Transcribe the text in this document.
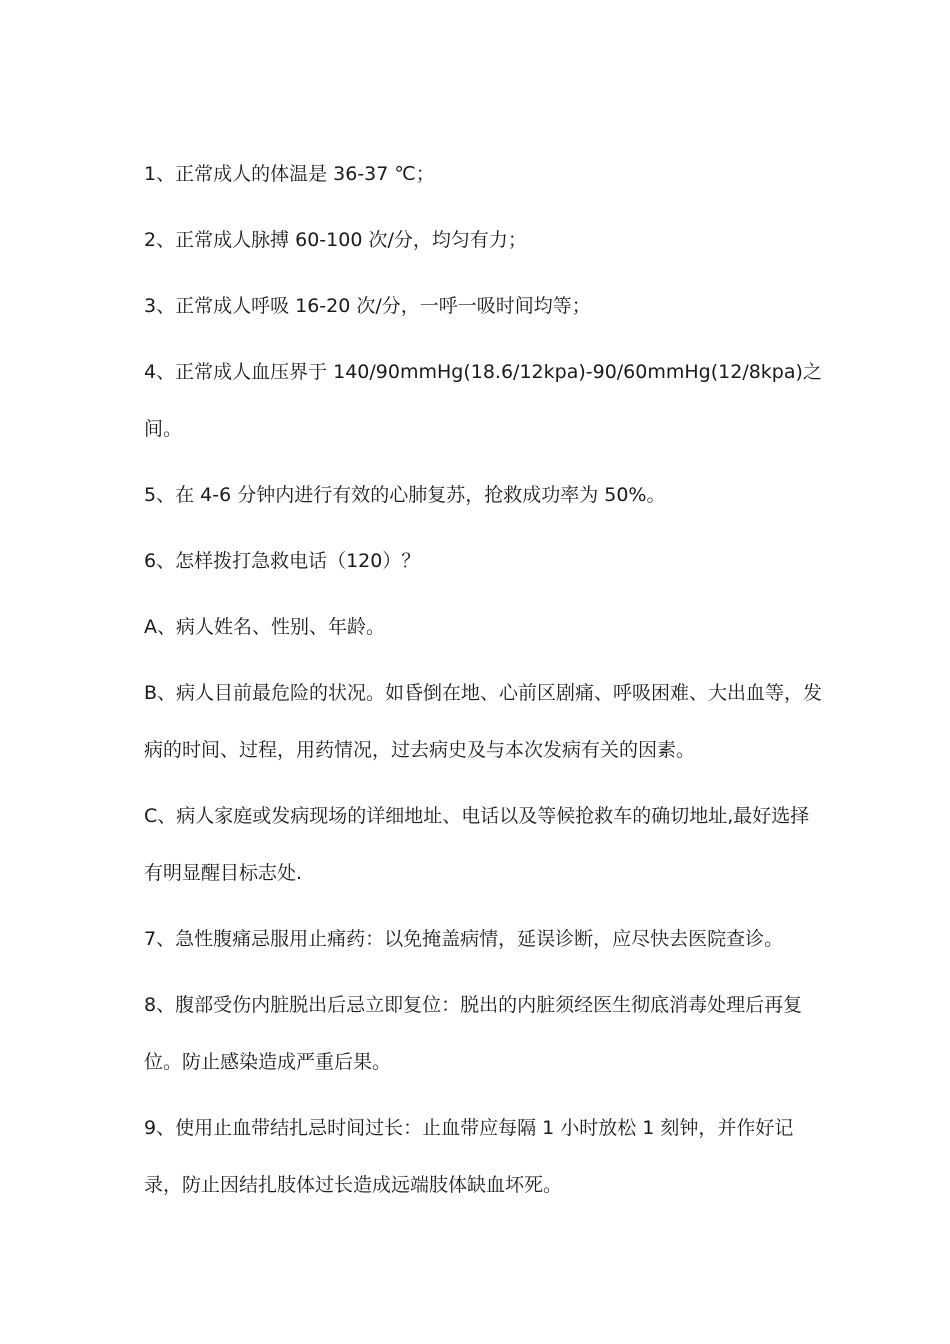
1、正常成人的体温是 36-37 ℃；

2、正常成人脉搏 60-100 次/分，均匀有力；

3、正常成人呼吸 16-20 次/分，一呼一吸时间均等；

4、正常成人血压界于 140/90mmHg(18.6/12kpa)-90/60mmHg(12/8kpa)之间。

5、在 4-6 分钟内进行有效的心肺复苏，抢救成功率为 50%。

6、怎样拨打急救电话（120）？

A、病人姓名、性别、年龄。

B、病人目前最危险的状况。如昏倒在地、心前区剧痛、呼吸困难、大出血等，发病的时间、过程，用药情况，过去病史及与本次发病有关的因素。

C、病人家庭或发病现场的详细地址、电话以及等候抢救车的确切地址,最好选择有明显醒目标志处.

7、急性腹痛忌服用止痛药：以免掩盖病情，延误诊断，应尽快去医院查诊。

8、腹部受伤内脏脱出后忌立即复位：脱出的内脏须经医生彻底消毒处理后再复位。防止感染造成严重后果。

9、使用止血带结扎忌时间过长：止血带应每隔 1 小时放松 1 刻钟，并作好记录，防止因结扎肢体过长造成远端肢体缺血坏死。
